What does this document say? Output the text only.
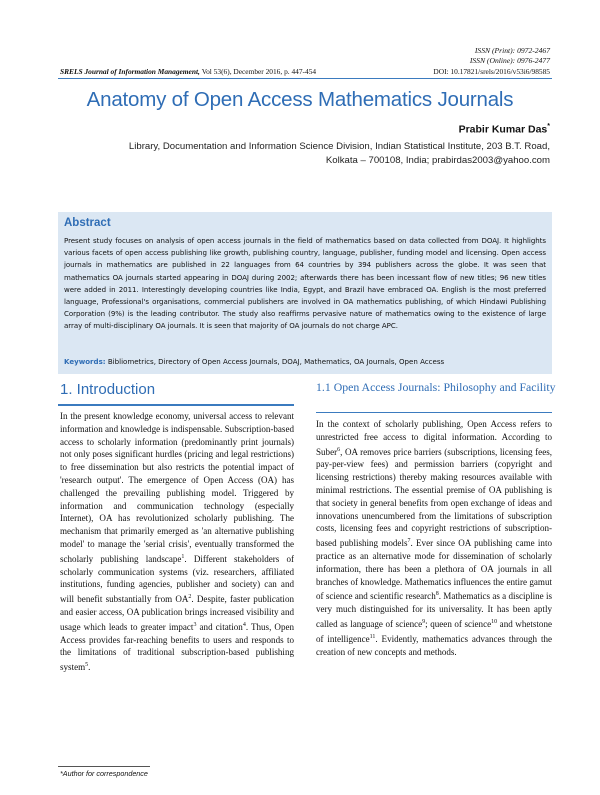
ISSN (Print): 0972-2467
ISSN (Online): 0976-2477
SRELS Journal of Information Management, Vol 53(6), December 2016, p. 447-454	DOI: 10.17821/srels/2016/v53i6/98585
Anatomy of Open Access Mathematics Journals
Prabir Kumar Das*
Library, Documentation and Information Science Division, Indian Statistical Institute, 203 B.T. Road,
Kolkata – 700108, India; prabirdas2003@yahoo.com
Abstract
Present study focuses on analysis of open access journals in the field of mathematics based on data collected from DOAJ. It highlights various facets of open access publishing like growth, publishing country, language, publisher, funding model and licensing. Open access journals in mathematics are published in 22 languages from 64 countries by 394 publishers across the globe. It was seen that mathematics OA journals started appearing in DOAJ during 2002; afterwards there has been incessant flow of new titles; 96 new titles were added in 2011. Interestingly developing countries like India, Egypt, and Brazil have embraced OA. English is the most preferred language, Professional's organisations, commercial publishers are involved in OA mathematics publishing, of which Hindawi Publishing Corporation (9%) is the leading contributor. The study also reaffirms pervasive nature of mathematics owing to the existence of large array of multi-disciplinary OA journals. It is seen that majority of OA journals do not charge APC.
Keywords: Bibliometrics, Directory of Open Access Journals, DOAJ, Mathematics, OA Journals, Open Access
1. Introduction	1.1 Open Access Journals: Philosophy and Facility
In the present knowledge economy, universal access to relevant information and knowledge is indispensable. Subscription-based access to scholarly information (predominantly print journals) not only poses significant hurdles (pricing and legal restrictions) to free dissemination but also restricts the potential impact of 'research output'. The emergence of Open Access (OA) has challenged the prevailing publishing model. Triggered by information and communication technology (especially Internet), OA has revolutionized scholarly publishing. The mechanism that primarily emerged as 'an alternative publishing model' to manage the 'serial crisis', eventually transformed the scholarly publishing landscape$^1$. Different stakeholders of scholarly communication systems (viz. researchers, affiliated institutions, funding agencies, publisher and society) can and will benefit substantially from $OA^2$. Despite, faster publication and easier access, OA publication brings increased visibility and usage which leads to greater impact$^3$ and citation$^4$. Thus, Open Access provides far-reaching benefits to users and responds to the limitations of traditional subscription-based publishing system$^5$.
In the context of scholarly publishing, Open Access refers to unrestricted free access to digital information. According to Suber$^6$, OA removes price barriers (subscriptions, licensing fees, pay-per-view fees) and permission barriers (copyright and licensing restrictions) thereby making resources available with minimal restrictions. The essential premise of OA publishing is that society in general benefits from open exchange of ideas and innovations unencumbered from the limitations of subscription costs, licensing fees and copyright restrictions of subscription-based publishing models$^7$. Ever since OA publishing came into practice as an alternative mode for dissemination of scholarly information, there has been a plethora of OA journals in all branches of knowledge. Mathematics influences the entire gamut of science and scientific research$^8$. Mathematics as a discipline is very much distinguished for its universality. It has been aptly called as language of science$^9$; queen of science$^{10}$ and whetstone of intelligence$^{11}$. Evidently, mathematics advances through the creation of new concepts and methods.
*Author for correspondence
